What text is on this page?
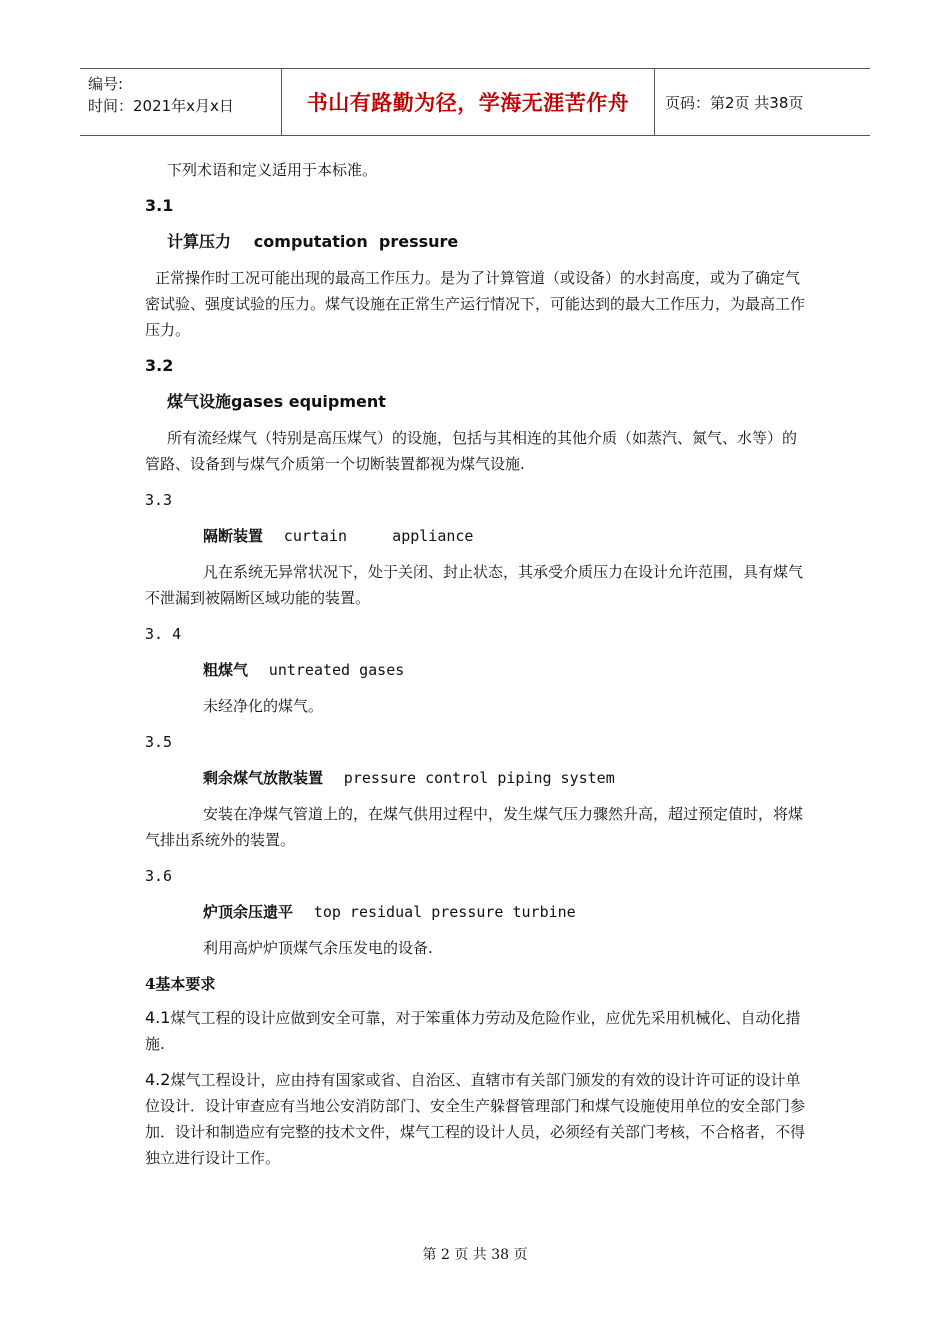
编号:
时间：2021年x月x日	书山有路勤为径，学海无涯苦作舟 页码：第2页 共38页

下列术语和定义适用于本标准。

3.1

计算压力 computation  pressure

正常操作时工况可能出现的最高工作压力。是为了计算管道（或设备）的水封高度，或为了确定气密试验、强度试验的压力。煤气设施在正常生产运行情况下，可能达到的最大工作压力，为最高工作压力。

3.2

煤气设施gases equipment

所有流经煤气（特别是高压煤气）的设施，包括与其相连的其他介质（如蒸汽、氮气、水等）的管路、设备到与煤气介质第一个切断装置都视为煤气设施.

3.3

隔断装置 curtain     appliance

凡在系统无异常状况下，处于关闭、封止状态，其承受介质压力在设计允许范围，具有煤气不泄漏到被隔断区域功能的装置。

3. 4

粗煤气 untreated gases

未经净化的煤气。

3.5

剩余煤气放散装置 pressure control piping system

安装在净煤气管道上的，在煤气供用过程中，发生煤气压力骤然升高，超过预定值时，将煤气排出系统外的装置。

3.6

炉顶余压遗平 top residual pressure turbine

利用高炉炉顶煤气余压发电的设备.

4基本要求

4.1煤气工程的设计应做到安全可靠，对于笨重体力劳动及危险作业，应优先采用机械化、自动化措施.

4.2煤气工程设计，应由持有国家或省、自治区、直辖市有关部门颁发的有效的设计许可证的设计单位设计．设计审查应有当地公安消防部门、安全生产躲督管理部门和煤气设施使用单位的安全部门参加．设计和制造应有完整的技术文件，煤气工程的设计人员，必须经有关部门考核，不合格者，不得独立进行设计工作。

第 2 页 共 38 页
